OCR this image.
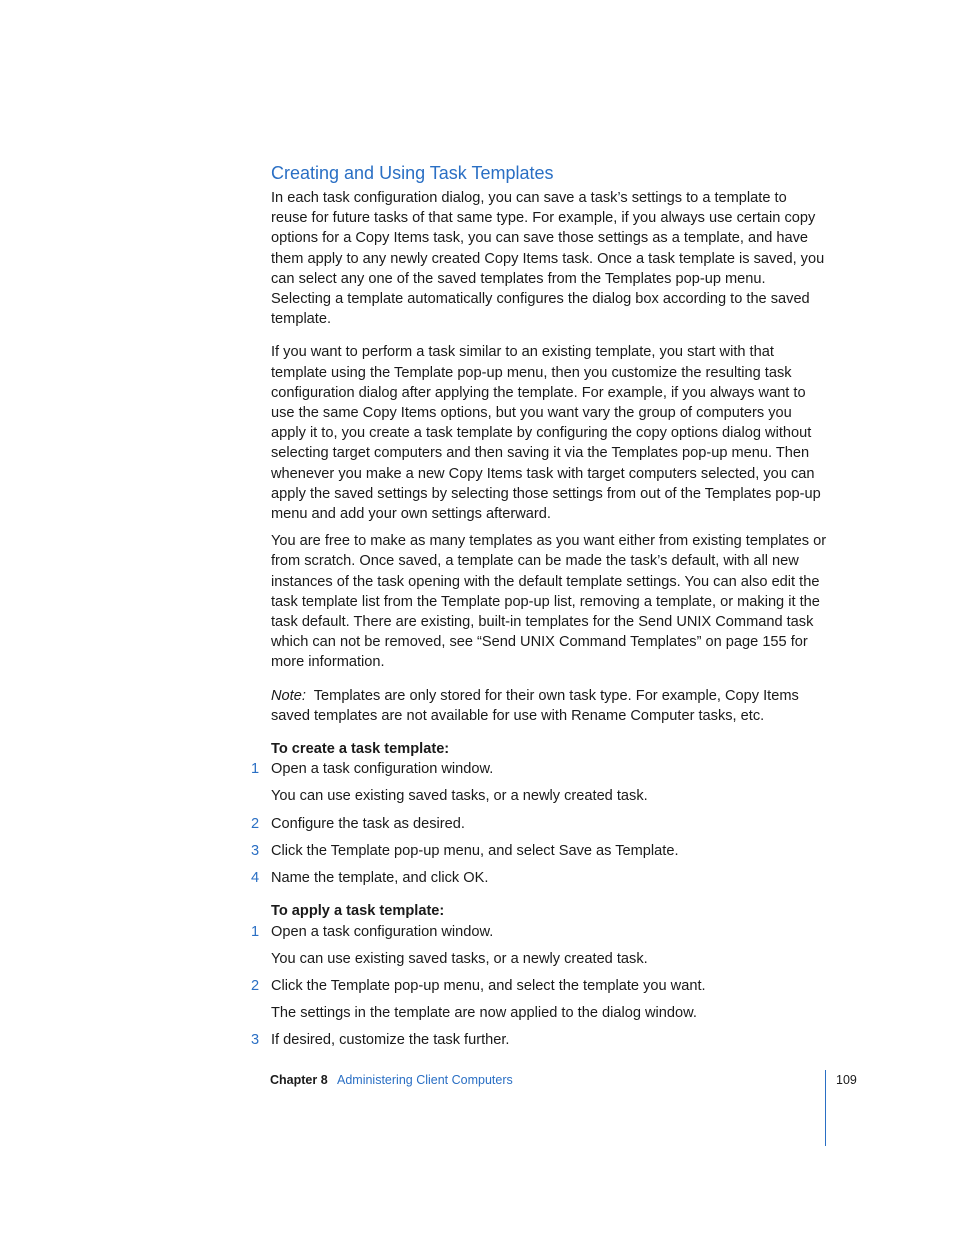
Creating and Using Task Templates

In each task configuration dialog, you can save a task’s settings to a template to reuse for future tasks of that same type. For example, if you always use certain copy options for a Copy Items task, you can save those settings as a template, and have them apply to any newly created Copy Items task. Once a task template is saved, you can select any one of the saved templates from the Templates pop-up menu. Selecting a template automatically configures the dialog box according to the saved template.

If you want to perform a task similar to an existing template, you start with that template using the Template pop-up menu, then you customize the resulting task configuration dialog after applying the template. For example, if you always want to use the same Copy Items options, but you want vary the group of computers you apply it to, you create a task template by configuring the copy options dialog without selecting target computers and then saving it via the Templates pop-up menu. Then whenever you make a new Copy Items task with target computers selected, you can apply the saved settings by selecting those settings from out of the Templates pop-up menu and add your own settings afterward.

You are free to make as many templates as you want either from existing templates or from scratch. Once saved, a template can be made the task’s default, with all new instances of the task opening with the default template settings. You can also edit the task template list from the Template pop-up list, removing a template, or making it the task default. There are existing, built-in templates for the Send UNIX Command task which can not be removed, see “Send UNIX Command Templates” on page 155 for more information.

Note: Templates are only stored for their own task type. For example, Copy Items saved templates are not available for use with Rename Computer tasks, etc.

To create a task template:

1 Open a task configuration window.

You can use existing saved tasks, or a newly created task.

2 Configure the task as desired.

3 Click the Template pop-up menu, and select Save as Template.

4 Name the template, and click OK.

To apply a task template:

1 Open a task configuration window.

You can use existing saved tasks, or a newly created task.

2 Click the Template pop-up menu, and select the template you want.

The settings in the template are now applied to the dialog window.

3 If desired, customize the task further.

Chapter 8 Administering Client Computers	109
